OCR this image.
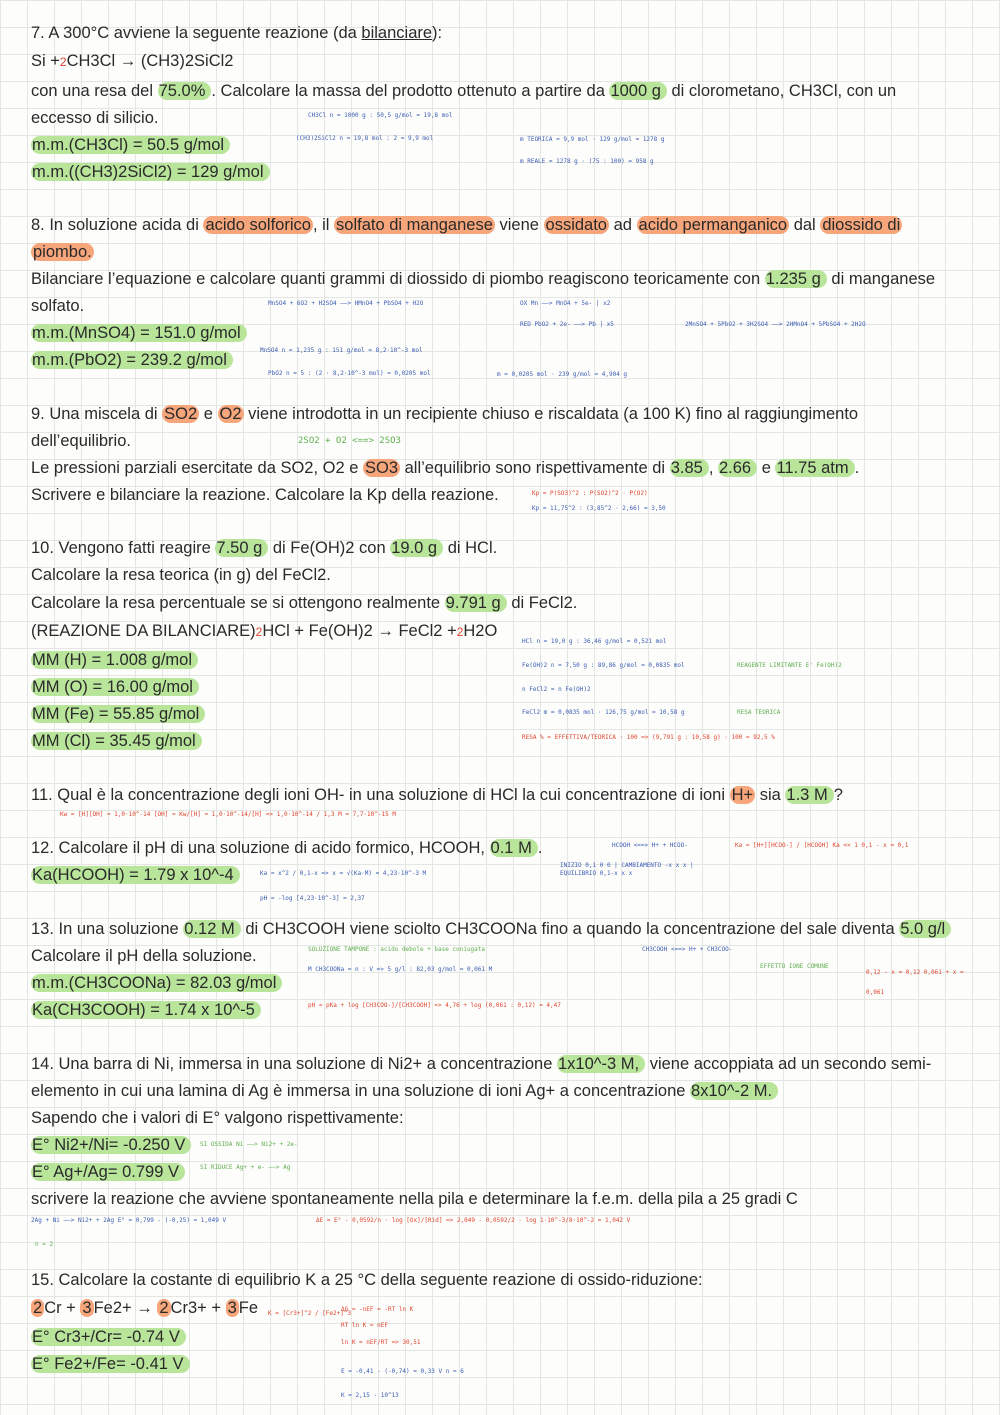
7. A 300°C avviene la seguente reazione (da bilanciare):
Si +2CH3Cl → (CH3)2SiCl2
con una resa del 75.0% . Calcolare la massa del prodotto ottenuto a partire da 1000 g di clorometano, CH3Cl, con un
eccesso di silicio.
m.m.(CH3Cl) = 50.5 g/mol
m.m.((CH3)2SiCl2) = 129 g/mol
CH3Cl n = 1000 g : 50,5 g/mol = 19,8 mol
(CH3)2SiCl2 n = 19,8 mol : 2 = 9,9 mol	m TEORICA = 9,9 mol · 129 g/mol = 1278 g
m REALE = 1278 g · (75 : 100) = 958 g
8. In soluzione acida di acido solforico , il solfato di manganese viene ossidato ad acido permanganico dal diossido di
piombo.
Bilanciare l’equazione e calcolare quanti grammi di diossido di piombo reagiscono teoricamente con 1.235 g di manganese
solfato.
m.m.(MnSO4) = 151.0 g/mol
m.m.(PbO2) = 239.2 g/mol
MnSO4 + 6O2 + H2SO4 ——> HMnO4 + PbSO4 + H2O	OX Mn ——> MnO4 + 5e- | x2
RED PbO2 + 2e- ——> Pb | x5	2MnSO4 + 5PbO2 + 3H2SO4 ——> 2HMnO4 + 5PbSO4 + 2H2O
MnSO4 n = 1,235 g : 151 g/mol = 8,2·10^-3 mol
PbO2 n = 5 : (2 · 8,2·10^-3 mol) = 0,0205 mol	m = 0,0205 mol · 239 g/mol = 4,904 g
9. Una miscela di SO2 e O2 viene introdotta in un recipiente chiuso e riscaldata (a 100 K) fino al raggiungimento
dell’equilibrio.
Le pressioni parziali esercitate da SO2, O2 e SO3 all’equilibrio sono rispettivamente di 3.85 , 2.66 e 11.75 atm .
Scrivere e bilanciare la reazione. Calcolare la Kp della reazione.
2SO2 + O2 <==> 2SO3
Kp = P(SO3)^2 : P(SO2)^2 · P(O2)
Kp = 11,75^2 : (3,85^2 · 2,66) = 3,50
10. Vengono fatti reagire 7.50 g di Fe(OH)2 con 19.0 g di HCl.
Calcolare la resa teorica (in g) del FeCl2.
Calcolare la resa percentuale se si ottengono realmente 9.791 g di FeCl2.
(REAZIONE DA BILANCIARE)2HCl + Fe(OH)2 → FeCl2 +2H2O
MM (H) = 1.008 g/mol
MM (O) = 16.00 g/mol
MM (Fe) = 55.85 g/mol
MM (Cl) = 35.45 g/mol
HCl n = 19,0 g : 36,46 g/mol = 0,521 mol
Fe(OH)2 n = 7,50 g : 89,86 g/mol = 0,0835 mol	REAGENTE LIMITANTE E' Fe(OH)2
n FeCl2 = n Fe(OH)2
FeCl2 m = 0,0835 mol · 126,75 g/mol = 10,58 g	RESA TEORICA
RESA % = EFFETTIVA/TEORICA · 100 => (9,791 g : 10,58 g) · 100 = 92,5 %
11. Qual è la concentrazione degli ioni OH- in una soluzione di HCl la cui concentrazione di ioni H+ sia 1.3 M ?
Kw = [H][OH] = 1,0·10^-14 [OH] = Kw/[H] = 1,0·10^-14/[H] => 1,0·10^-14 / 1,3 M = 7,7·10^-15 M
12. Calcolare il pH di una soluzione di acido formico, HCOOH, 0.1 M .
Ka(HCOOH) = 1.79 x 10^-4	Ka = x^2 / 0,1-x => x = √(Ka·M) = 4,23·10^-3 M
pH = -log [4,23·10^-3] = 2,37
HCOOH <==> H+ + HCOO-
INIZIO 0,1 0 0 | CAMBIAMENTO -x x x | EQUILIBRIO 0,1-x x x
Ka = [H+][HCOO-] / [HCOOH] Ka << 1 0,1 - x ≈ 0,1
13. In una soluzione 0.12 M di CH3COOH viene sciolto CH3COONa fino a quando la concentrazione del sale diventa 5.0 g/l
Calcolare il pH della soluzione.
m.m.(CH3COONa) = 82.03 g/mol
Ka(CH3COOH) = 1.74 x 10^-5
SOLUZIONE TAMPONE : acido debole + base coniugata
M CH3COONa = n : V => 5 g/l : 82,03 g/mol = 0,061 M
pH = pKa + log [CH3COO-]/[CH3COOH] => 4,76 + log (0,061 : 0,12) = 4,47
CH3COOH <==> H+ + CH3COO-
EFFETTO IONE COMUNE
0,12 - x ≈ 0,12 0,061 + x ≈ 0,061
14. Una barra di Ni, immersa in una soluzione di Ni2+ a concentrazione 1x10^-3 M, viene accoppiata ad un secondo semi-
elemento in cui una lamina di Ag è immersa in una soluzione di ioni Ag+ a concentrazione 8x10^-2 M.
Sapendo che i valori di E° valgono rispettivamente:
E° Ni2+/Ni= -0.250 V
E° Ag+/Ag= 0.799 V
scrivere la reazione che avviene spontaneamente nella pila e determinare la f.e.m. della pila a 25 gradi C
SI OSSIDA Ni ——> Ni2+ + 2e-
SI RIDUCE Ag+ + e- ——> Ag
2Ag + Ni ——> Ni2+ + 2Ag E° = 0,799 - (-0,25) = 1,049 V	ΔE = E° - 0,0592/n · log [Ox]/[Rid] => 2,049 - 0,0592/2 · log 1·10^-3/8·10^-2 = 1,042 V
n = 2
15. Calcolare la costante di equilibrio K a 25 °C della seguente reazione di ossido-riduzione:
2 Cr + 3 Fe2+ → 2 Cr3+ + 3 Fe
E° Cr3+/Cr= -0.74 V
E° Fe2+/Fe= -0.41 V
K = [Cr3+]^2 / [Fe2+]^3
ΔG = -nEF = -RT ln K
RT ln K = nEF
ln K = nEF/RT => 30,51
E = -0,41 - (-0,74) = 0,33 V n = 6
K = 2,15 · 10^13
